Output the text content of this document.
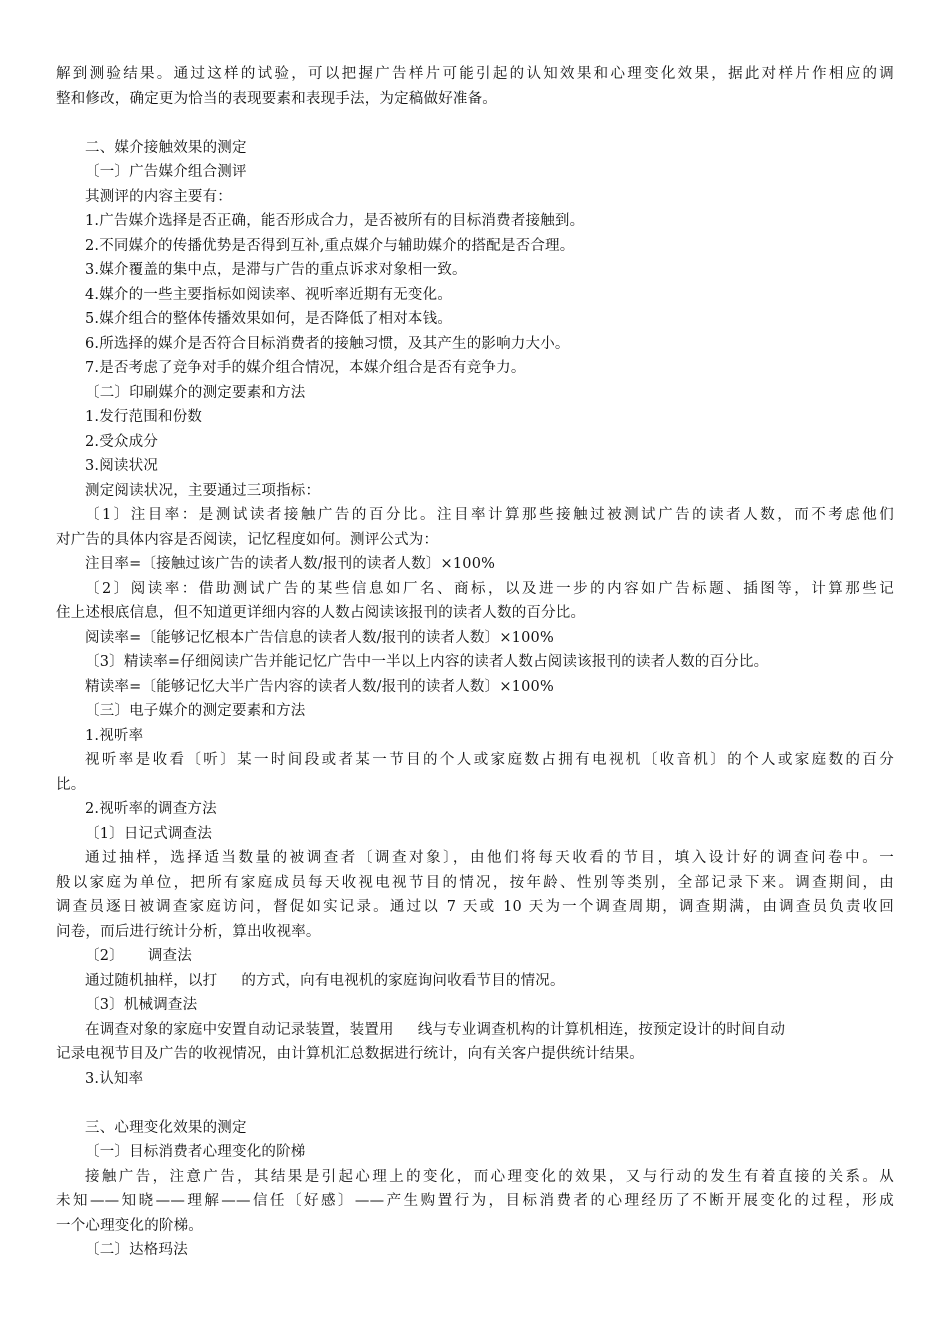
解到测验结果。通过这样的试验，可以把握广告样片可能引起的认知效果和心理变化效果，据此对样片作相应的调

整和修改，确定更为恰当的表现要素和表现手法，为定稿做好准备。

二、媒介接触效果的测定

〔一〕广告媒介组合测评

其测评的内容主要有：

1.广告媒介选择是否正确，能否形成合力，是否被所有的目标消费者接触到。

2.不同媒介的传播优势是否得到互补,重点媒介与辅助媒介的搭配是否合理。

3.媒介覆盖的集中点，是滞与广告的重点诉求对象相一致。

4.媒介的一些主要指标如阅读率、视听率近期有无变化。

5.媒介组合的整体传播效果如何，是否降低了相对本钱。

6.所选择的媒介是否符合目标消费者的接触习惯，及其产生的影响力大小。

7.是否考虑了竞争对手的媒介组合情况，本媒介组合是否有竞争力。

〔二〕印刷媒介的测定要素和方法

1.发行范围和份数

2.受众成分

3.阅读状况

测定阅读状况，主要通过三项指标：

〔1〕注目率：是测试读者接触广告的百分比。注目率计算那些接触过被测试广告的读者人数，而不考虑他们

对广告的具体内容是否阅读，记忆程度如何。测评公式为：

注目率=〔接触过该广告的读者人数/报刊的读者人数〕×100%

〔2〕阅读率：借助测试广告的某些信息如厂名、商标，以及进一步的内容如广告标题、插图等，计算那些记

住上述根底信息，但不知道更详细内容的人数占阅读该报刊的读者人数的百分比。

阅读率=〔能够记忆根本广告信息的读者人数/报刊的读者人数〕×100%

〔3〕精读率=仔细阅读广告并能记忆广告中一半以上内容的读者人数占阅读该报刊的读者人数的百分比。

精读率=〔能够记忆大半广告内容的读者人数/报刊的读者人数〕×100%

〔三〕电子媒介的测定要素和方法

1.视听率

视听率是收看〔听〕某一时间段或者某一节目的个人或家庭数占拥有电视机〔收音机〕的个人或家庭数的百分

比。

2.视听率的调查方法

〔1〕日记式调查法

通过抽样，选择适当数量的被调查者〔调查对象〕，由他们将每天收看的节目，填入设计好的调查问卷中。一

般以家庭为单位，把所有家庭成员每天收视电视节目的情况，按年龄、性别等类别，全部记录下来。调查期间，由

调查员逐日被调查家庭访问，督促如实记录。通过以 7 天或 10 天为一个调查周期，调查期满，由调查员负责收回

问卷，而后进行统计分析，算出收视率。

〔2〕 调查法

通过随机抽样，以打 的方式，向有电视机的家庭询问收看节目的情况。

〔3〕机械调查法

在调查对象的家庭中安置自动记录装置，装置用 线与专业调查机构的计算机相连，按预定设计的时间自动

记录电视节目及广告的收视情况，由计算机汇总数据进行统计，向有关客户提供统计结果。

3.认知率

三、心理变化效果的测定

〔一〕目标消费者心理变化的阶梯

接触广告，注意广告，其结果是引起心理上的变化，而心理变化的效果，又与行动的发生有着直接的关系。从

未知——知晓——理解——信任〔好感〕——产生购置行为，目标消费者的心理经历了不断开展变化的过程，形成

一个心理变化的阶梯。

〔二〕达格玛法
